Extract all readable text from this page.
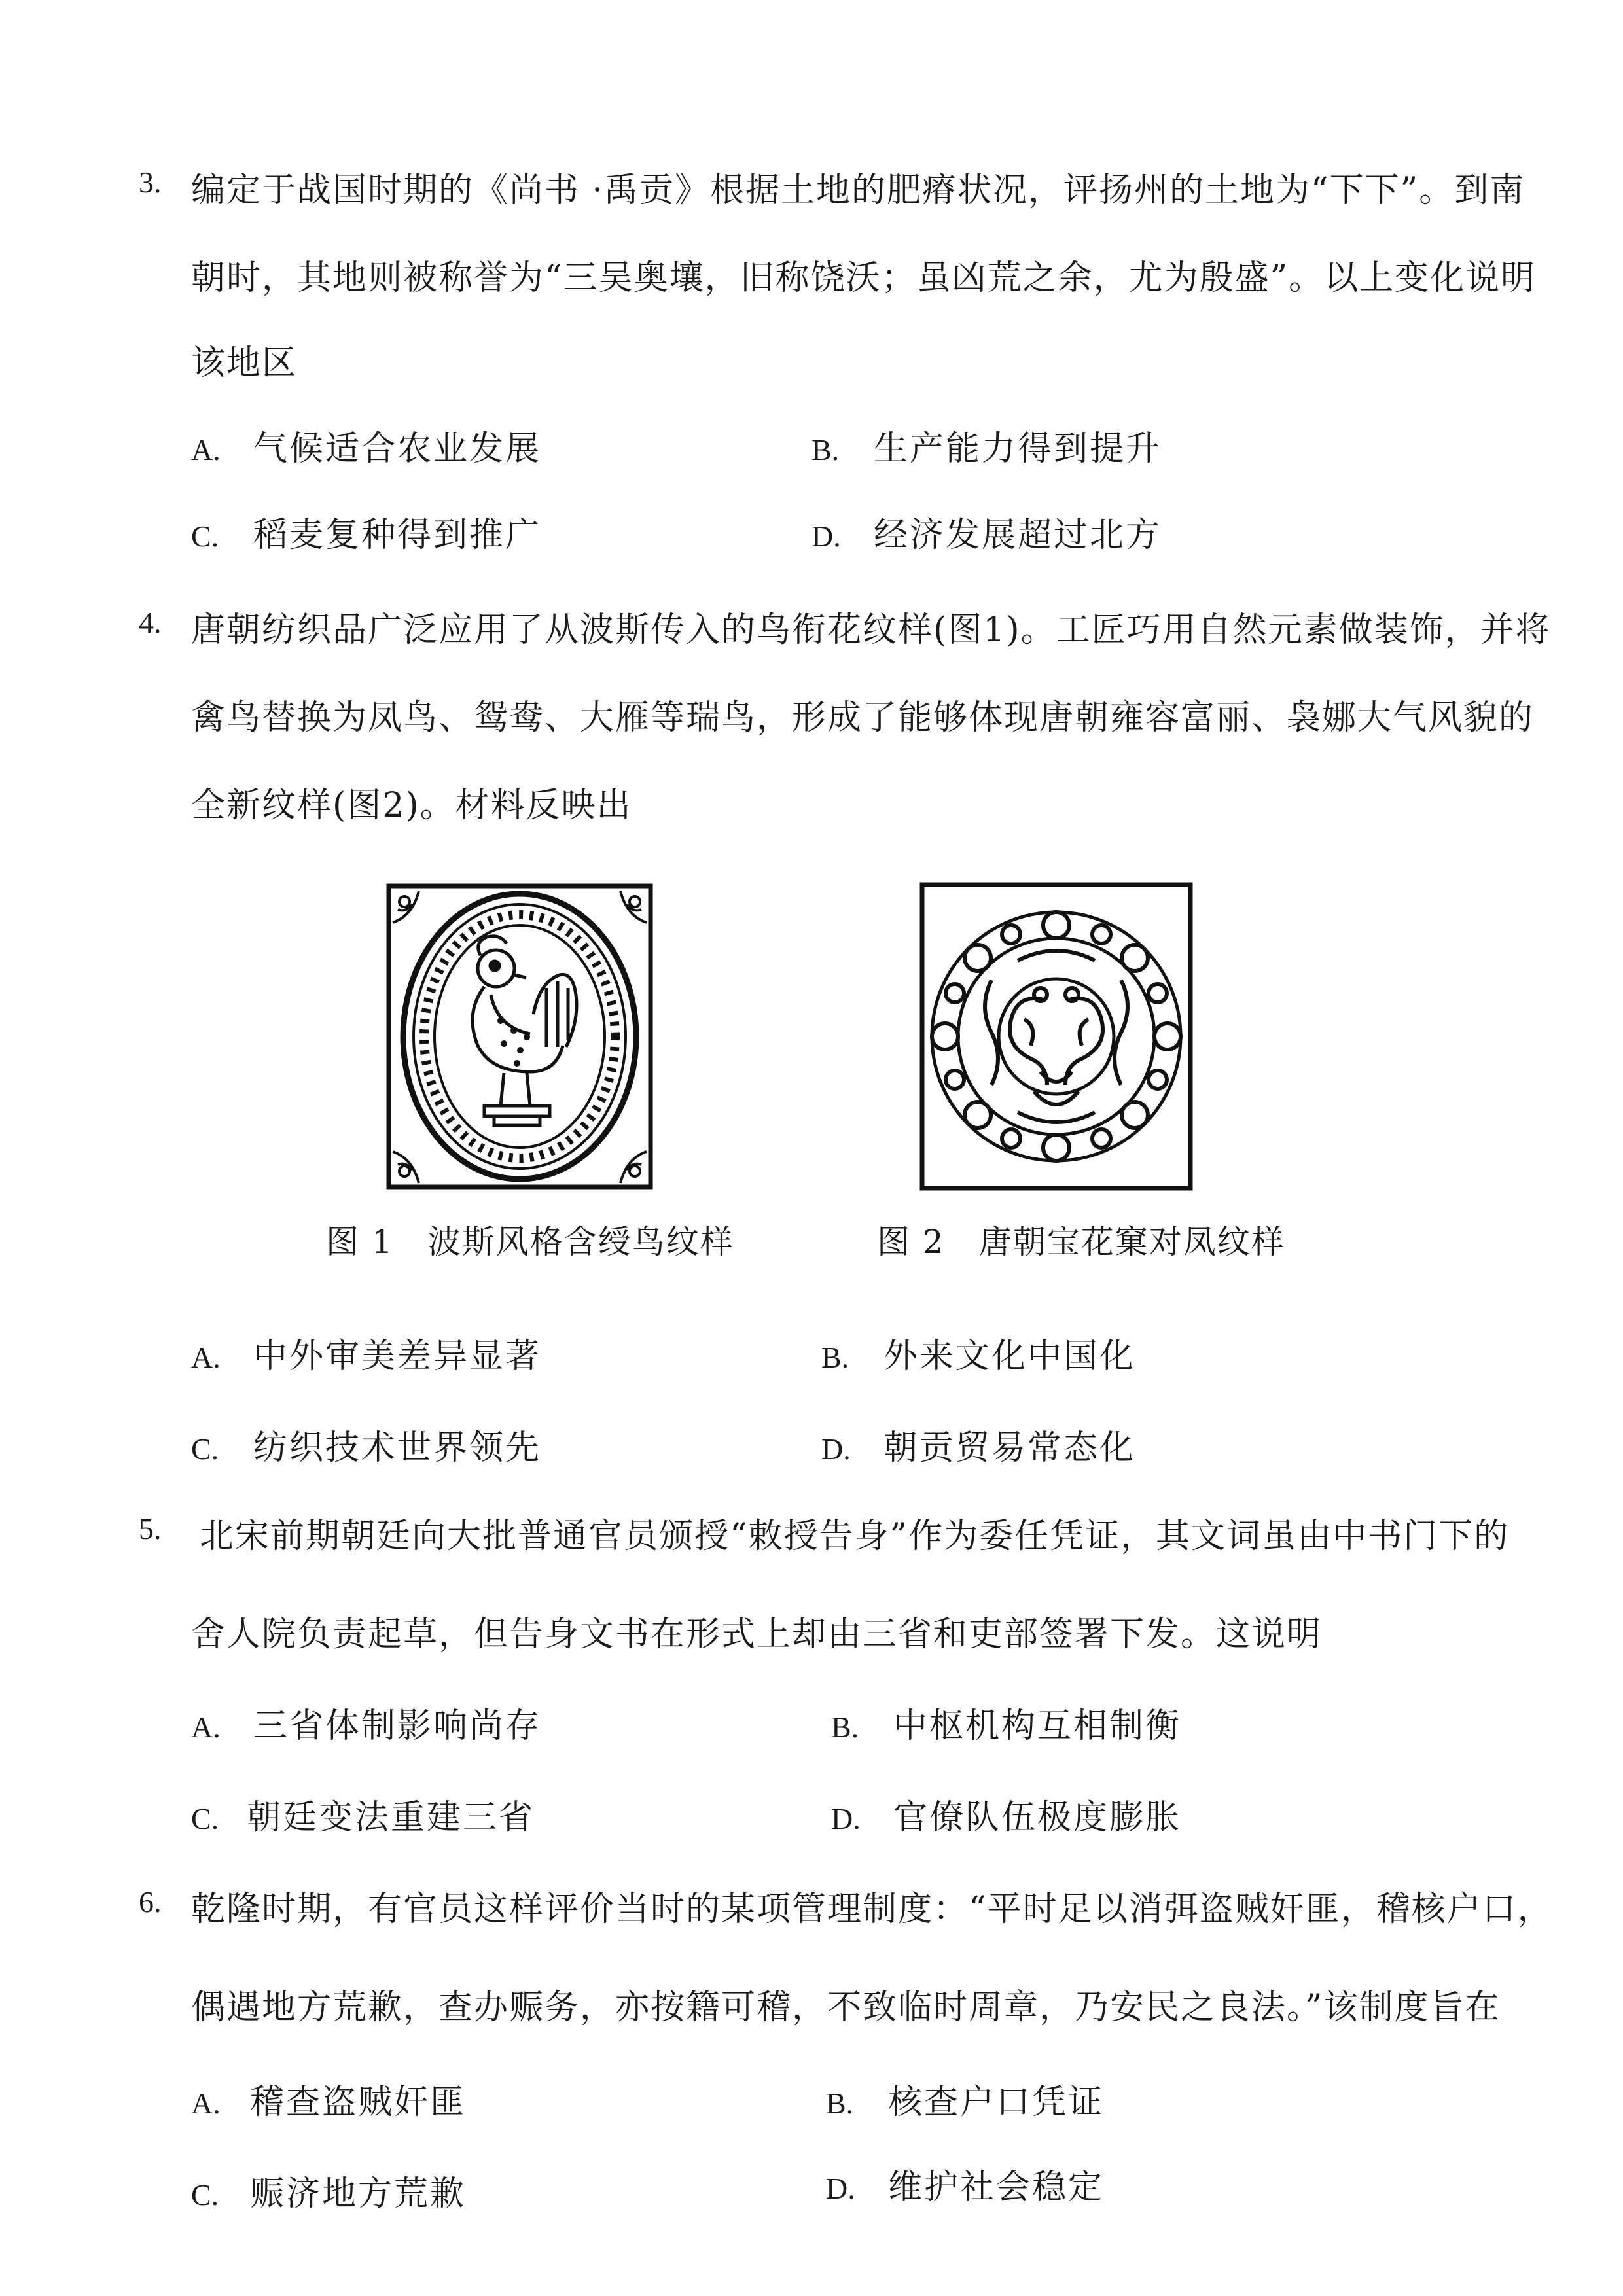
3. 编定于战国时期的《尚书 ·禹贡》根据土地的肥瘠状况，评扬州的土地为“下下”。到南
朝时，其地则被称誉为“三吴奥壤，旧称饶沃；虽凶荒之余，尤为殷盛”。以上变化说明
该地区
A. 气候适合农业发展	B. 生产能力得到提升
C. 稻麦复种得到推广	D. 经济发展超过北方
4. 唐朝纺织品广泛应用了从波斯传入的鸟衔花纹样(图1)。工匠巧用自然元素做装饰，并将
禽鸟替换为凤鸟、鸳鸯、大雁等瑞鸟，形成了能够体现唐朝雍容富丽、袅娜大气风貌的
全新纹样(图2)。材料反映出
图 1　波斯风格含绶鸟纹样	图 2　唐朝宝花窠对凤纹样
A. 中外审美差异显著	B. 外来文化中国化
C. 纺织技术世界领先	D. 朝贡贸易常态化
5. 北宋前期朝廷向大批普通官员颁授“敕授告身”作为委任凭证，其文词虽由中书门下的
舍人院负责起草，但告身文书在形式上却由三省和吏部签署下发。这说明
A. 三省体制影响尚存	B. 中枢机构互相制衡
C. 朝廷变法重建三省	D. 官僚队伍极度膨胀
6. 乾隆时期，有官员这样评价当时的某项管理制度：“平时足以消弭盗贼奸匪，稽核户口，
偶遇地方荒歉，查办赈务，亦按籍可稽，不致临时周章，乃安民之良法。”该制度旨在
A. 稽查盗贼奸匪	B. 核查户口凭证
C. 赈济地方荒歉	D. 维护社会稳定
